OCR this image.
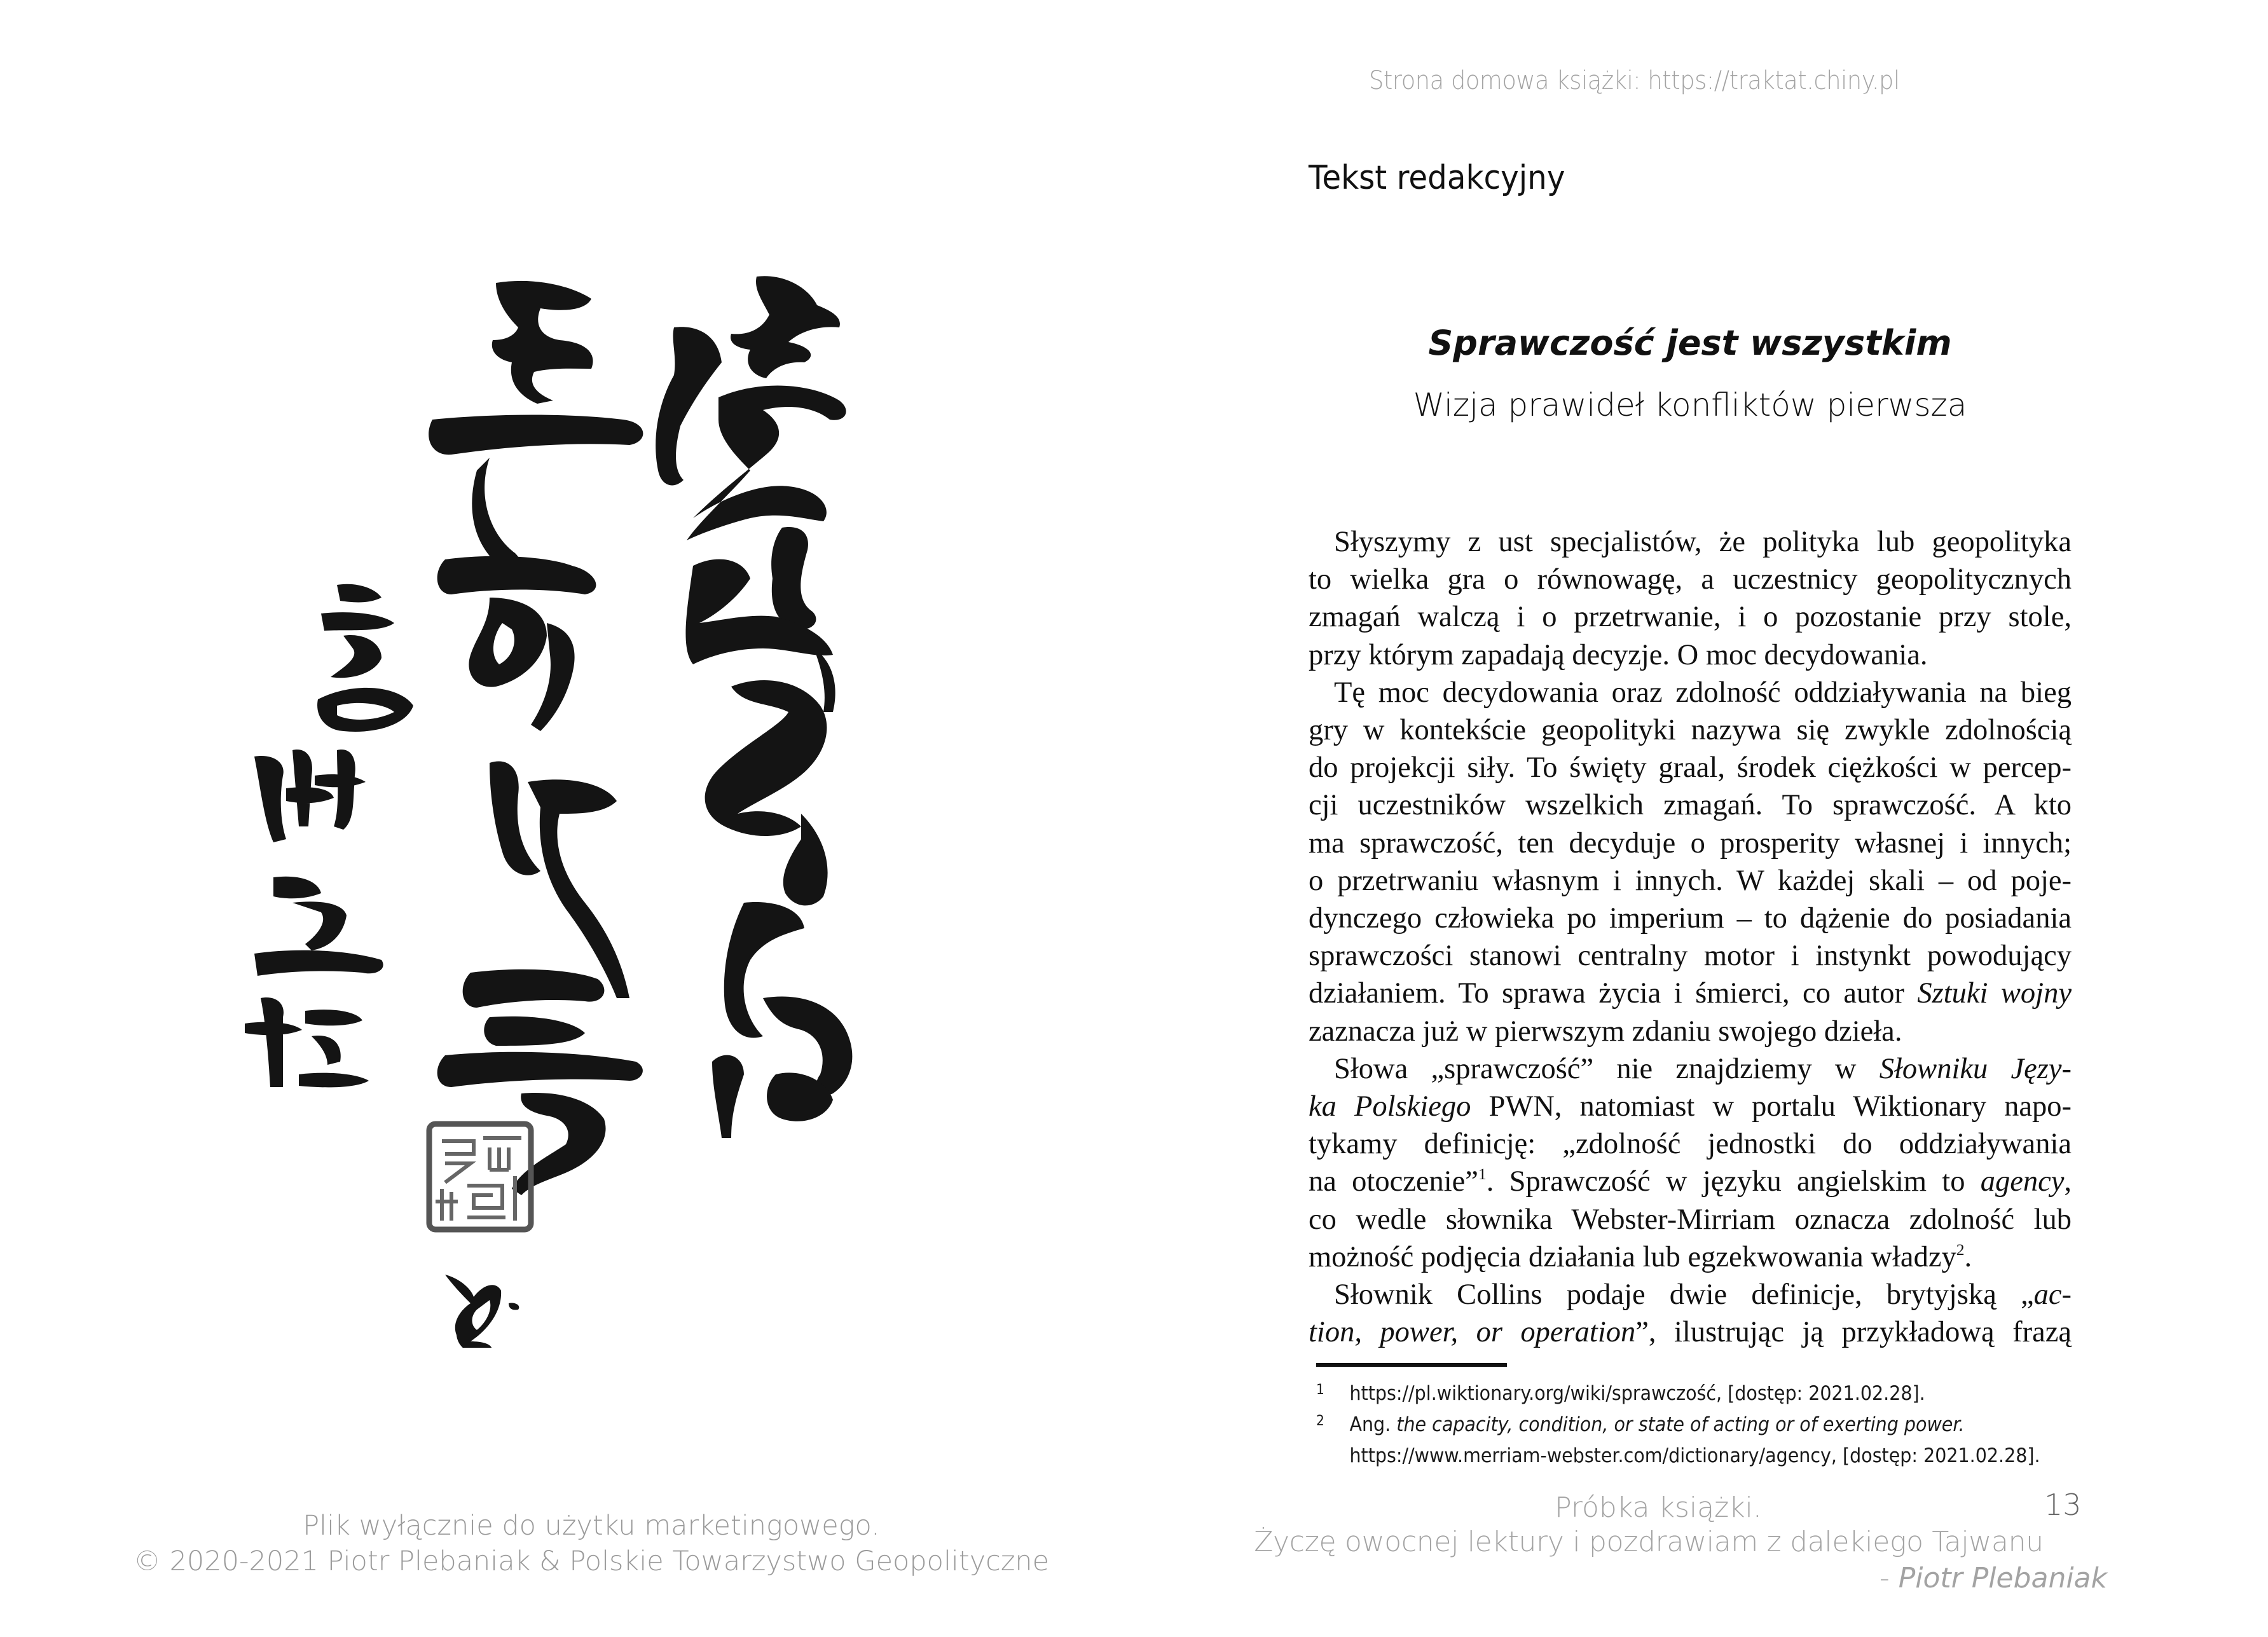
Plik wyłącznie do użytku marketingowego.
© 2020-2021 Piotr Plebaniak & Polskie Towarzystwo Geopolityczne
Strona domowa książki: https://traktat.chiny.pl
Tekst redakcyjny
Sprawczość jest wszystkim
Wizja prawideł konfliktów pierwsza
Słyszymy z ust specjalistów, że polityka lub geopolityka
to wielka gra o równowagę, a uczestnicy geopolitycznych
zmagań walczą i o przetrwanie, i o pozostanie przy stole,
przy którym zapadają decyzje. O moc decydowania.
Tę moc decydowania oraz zdolność oddziaływania na bieg
gry w kontekście geopolityki nazywa się zwykle zdolnością
do projekcji siły. To święty graal, środek ciężkości w percep-
cji uczestników wszelkich zmagań. To sprawczość. A kto
ma sprawczość, ten decyduje o prosperity własnej i innych;
o przetrwaniu własnym i innych. W każdej skali – od poje-
dynczego człowieka po imperium – to dążenie do posiadania
sprawczości stanowi centralny motor i instynkt powodujący
działaniem. To sprawa życia i śmierci, co autor Sztuki wojny
zaznacza już w pierwszym zdaniu swojego dzieła.
Słowa „sprawczość” nie znajdziemy w Słowniku Języ-
ka Polskiego PWN, natomiast w portalu Wiktionary napo-
tykamy definicję: „zdolność jednostki do oddziaływania
na otoczenie”$^1$. Sprawczość w języku angielskim to agency,
co wedle słownika Webster-Mirriam oznacza zdolność lub
możność podjęcia działania lub egzekwowania władzy$^2$.
Słownik Collins podaje dwie definicje, brytyjską „ac-
tion, power, or operation”, ilustrując ją przykładową frazą
1 https://pl.wiktionary.org/wiki/sprawczość, [dostęp: 2021.02.28].
2 Ang. the capacity, condition, or state of acting or of exerting power.
https://www.merriam-webster.com/dictionary/agency, [dostęp: 2021.02.28].
Próbka książki.
Życzę owocnej lektury i pozdrawiam z dalekiego Tajwanu
- Piotr Plebaniak
13
